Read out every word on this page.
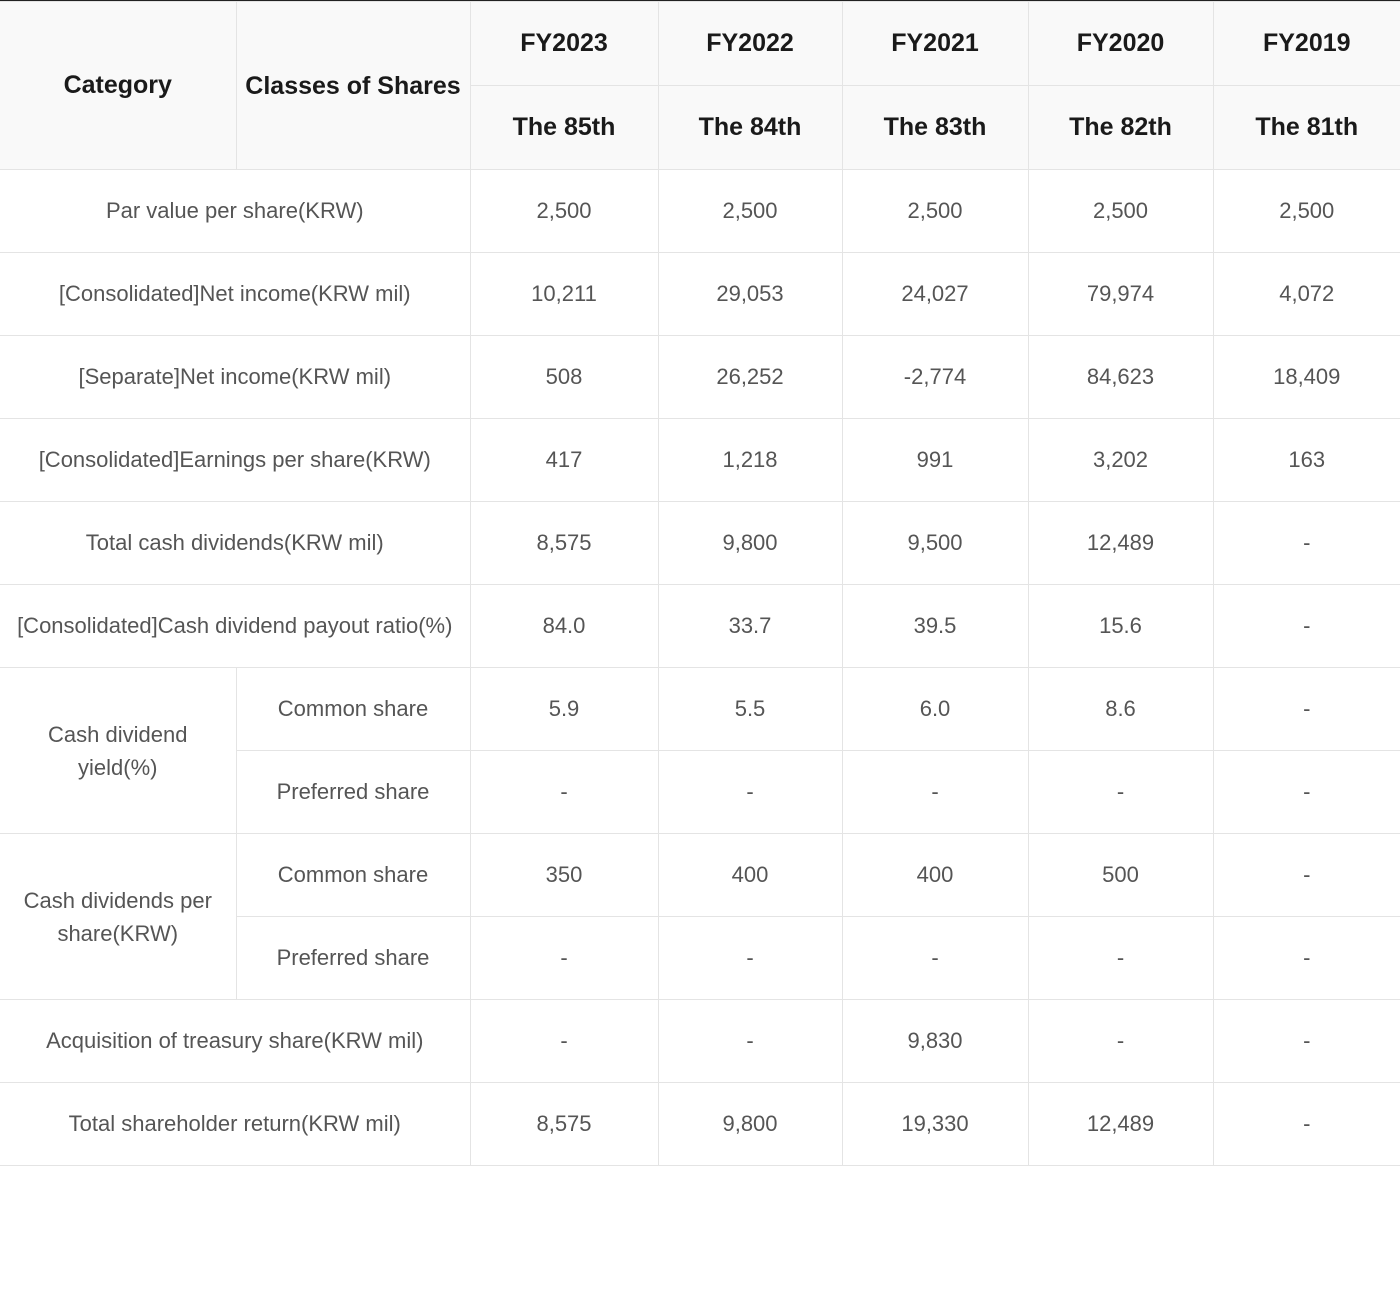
Category	Classes of Shares	FY2023	FY2022	FY2021	FY2020	FY2019
		The 85th	The 84th	The 83th	The 82th	The 81th
Par value per share(KRW)		2,500	2,500	2,500	2,500	2,500
[Consolidated]Net income(KRW mil)		10,211	29,053	24,027	79,974	4,072
[Separate]Net income(KRW mil)		508	26,252	-2,774	84,623	18,409
[Consolidated]Earnings per share(KRW)		417	1,218	991	3,202	163
Total cash dividends(KRW mil)		8,575	9,800	9,500	12,489	-
[Consolidated]Cash dividend payout ratio(%)		84.0	33.7	39.5	15.6	-
Cash dividend yield(%)	Common share	5.9	5.5	6.0	8.6	-
	Preferred share	-	-	-	-	-
Cash dividends per share(KRW)	Common share	350	400	400	500	-
	Preferred share	-	-	-	-	-
Acquisition of treasury share(KRW mil)		-	-	9,830	-	-
Total shareholder return(KRW mil)		8,575	9,800	19,330	12,489	-
